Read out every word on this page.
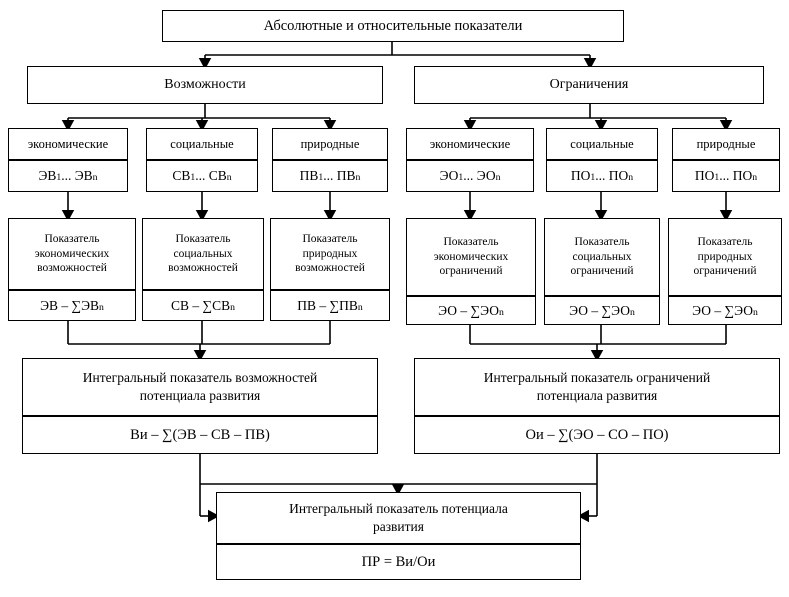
Абсолютные и относительные показатели
Возможности	Ограничения
экономические	социальные	природные	экономические	социальные	природные
$ЭВ_1$ ... $ЭВ_n$	$СВ_1$ ... $СВ_n$	$ПВ_1$ ... $ПВ_n$	$ЭО_1$ ... $ЭО_n$	$ПО_1$ ... $ПО_n$	$ПО_1$ ... $ПО_n$
Показатель
экономических
возможностей
Показатель
социальных
возможностей
Показатель
природных
возможностей
Показатель
экономических
ограничений
Показатель
социальных
ограничений
Показатель
природных
ограничений
ЭВ – $\sum ЭВ_n$	СВ – $\sum СВ_n$	ПВ – $\sum ПВ_n$	ЭО – $\sum ЭО_n$	ЭО – $\sum ЭО_n$	ЭО – $\sum ЭО_n$
Интегральный показатель возможностей
потенциала развития
Ви – ∑(ЭВ – СВ – ПВ)
Интегральный показатель ограничений
потенциала развития
Ои – ∑(ЭО – СО – ПО)
Интегральный показатель потенциала
развития
ПР = Ви/Ои
